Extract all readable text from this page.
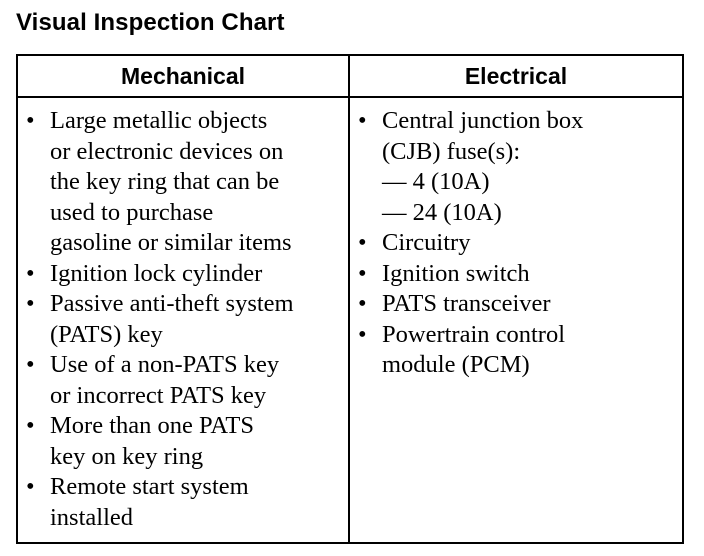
Visual Inspection Chart
Mechanical	Electrical
• Large metallic objects
or electronic devices on
the key ring that can be
used to purchase
gasoline or similar items
• Ignition lock cylinder
• Passive anti-theft system
(PATS) key
• Use of a non-PATS key
or incorrect PATS key
• More than one PATS
key on key ring
• Remote start system
installed
• Central junction box
(CJB) fuse(s):
— 4 (10A)
— 24 (10A)
• Circuitry
• Ignition switch
• PATS transceiver
• Powertrain control
module (PCM)
